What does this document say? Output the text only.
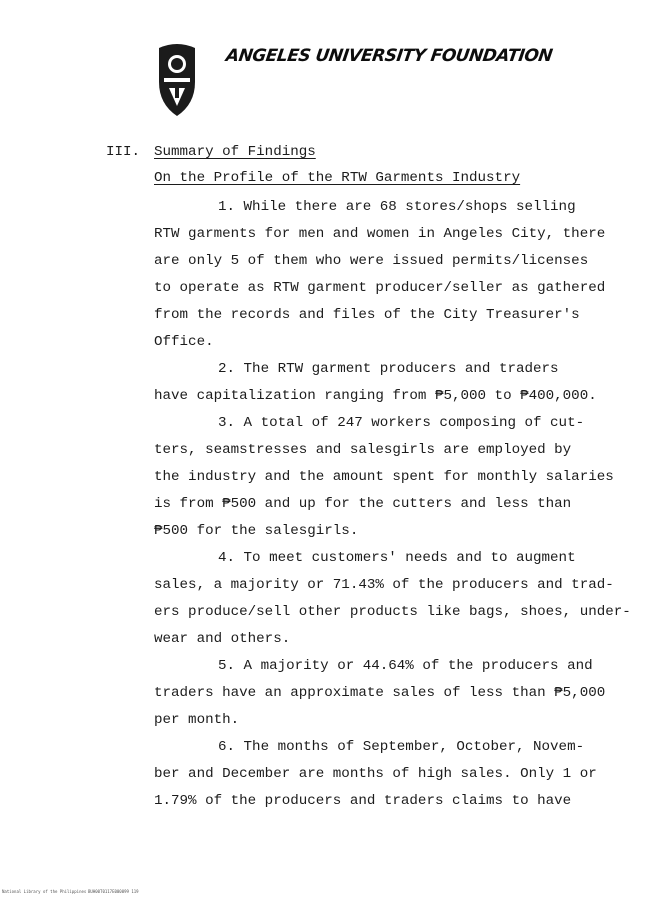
ANGELES UNIVERSITY FOUNDATION
III. Summary of Findings
On the Profile of the RTW Garments Industry
1. While there are 68 stores/shops selling
RTW garments for men and women in Angeles City, there
are only 5 of them who were issued permits/licenses
to operate as RTW garment producer/seller as gathered
from the records and files of the City Treasurer's
Office.
2. The RTW garment producers and traders
have capitalization ranging from ₱5,000 to ₱400,000.
3. A total of 247 workers composing of cut-
ters, seamstresses and salesgirls are employed by
the industry and the amount spent for monthly salaries
is from ₱500 and up for the cutters and less than
₱500 for the salesgirls.
4. To meet customers' needs and to augment
sales, a majority or 71.43% of the producers and trad-
ers produce/sell other products like bags, shoes, under-
wear and others.
5. A majority or 44.64% of the producers and
traders have an approximate sales of less than ₱5,000
per month.
6. The months of September, October, Novem-
ber and December are months of high sales. Only 1 or
1.79% of the producers and traders claims to have
National Library of the Philippines BUH00T0117E000099 119
